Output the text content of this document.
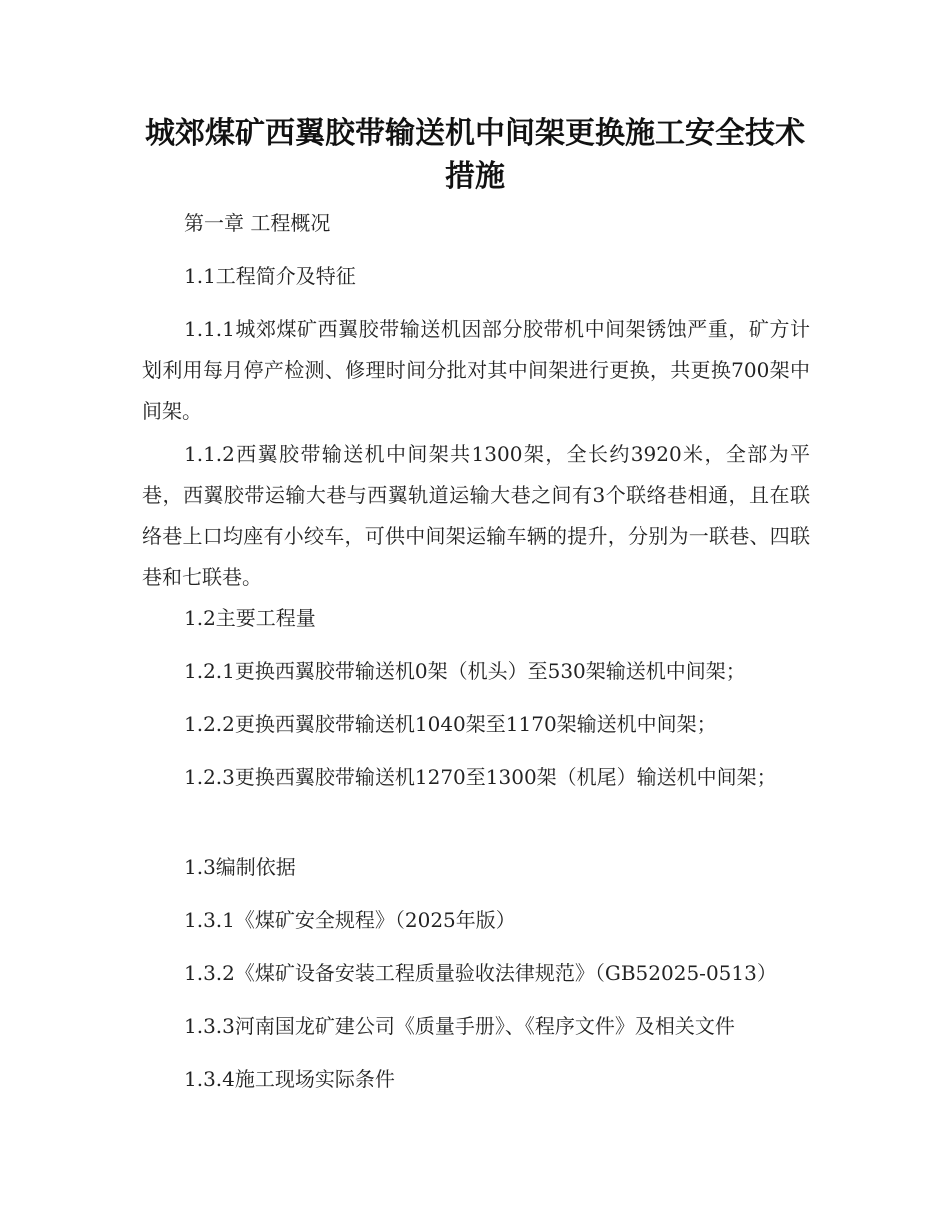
城郊煤矿西翼胶带输送机中间架更换施工安全技术措施

第一章 工程概况

1.1工程简介及特征

1.1.1城郊煤矿西翼胶带输送机因部分胶带机中间架锈蚀严重，矿方计划利用每月停产检测、修理时间分批对其中间架进行更换，共更换700架中间架。

1.1.2西翼胶带输送机中间架共1300架，全长约3920米，全部为平巷，西翼胶带运输大巷与西翼轨道运输大巷之间有3个联络巷相通，且在联络巷上口均座有小绞车，可供中间架运输车辆的提升，分别为一联巷、四联巷和七联巷。

1.2主要工程量

1.2.1更换西翼胶带输送机0架（机头）至530架输送机中间架；

1.2.2更换西翼胶带输送机1040架至1170架输送机中间架；

1.2.3更换西翼胶带输送机1270至1300架（机尾）输送机中间架；

1.3编制依据

1.3.1《煤矿安全规程》（2025年版）

1.3.2《煤矿设备安装工程质量验收法律规范》（GB52025-0513）

1.3.3河南国龙矿建公司《质量手册》、《程序文件》及相关文件

1.3.4施工现场实际条件
